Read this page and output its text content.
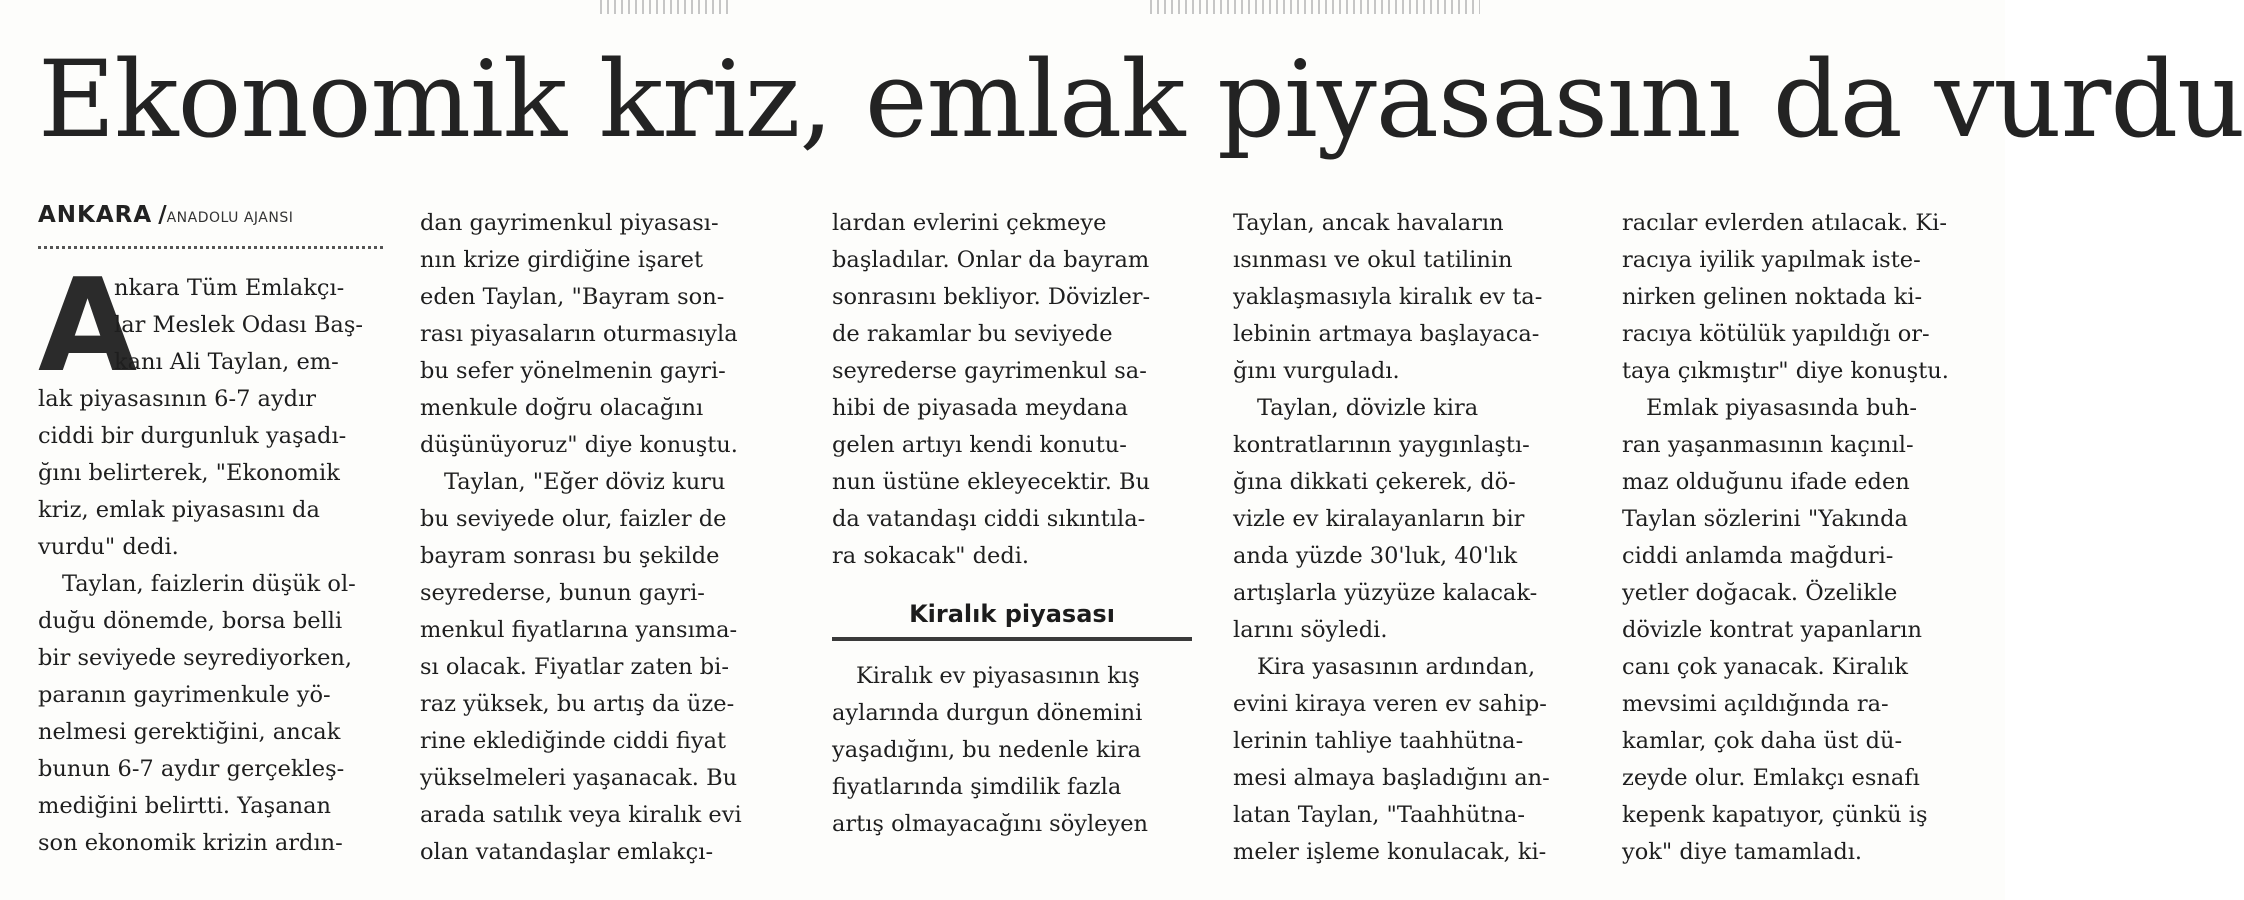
Ekonomik kriz, emlak piyasasını da vurdu
ANKARA /ANADOLU AJANSI
A
nkara Tüm Emlakçı-
lar Meslek Odası Baş-
kanı Ali Taylan, em-
lak piyasasının 6-7 aydır
ciddi bir durgunluk yaşadı-
ğını belirterek, "Ekonomik
kriz, emlak piyasasını da
vurdu" dedi.
Taylan, faizlerin düşük ol-
duğu dönemde, borsa belli
bir seviyede seyrediyorken,
paranın gayrimenkule yö-
nelmesi gerektiğini, ancak
bunun 6-7 aydır gerçekleş-
mediğini belirtti. Yaşanan
son ekonomik krizin ardın-
dan gayrimenkul piyasası-
nın krize girdiğine işaret
eden Taylan, "Bayram son-
rası piyasaların oturmasıyla
bu sefer yönelmenin gayri-
menkule doğru olacağını
düşünüyoruz" diye konuştu.
Taylan, "Eğer döviz kuru
bu seviyede olur, faizler de
bayram sonrası bu şekilde
seyrederse, bunun gayri-
menkul fiyatlarına yansıma-
sı olacak. Fiyatlar zaten bi-
raz yüksek, bu artış da üze-
rine eklediğinde ciddi fiyat
yükselmeleri yaşanacak. Bu
arada satılık veya kiralık evi
olan vatandaşlar emlakçı-
lardan evlerini çekmeye
başladılar. Onlar da bayram
sonrasını bekliyor. Dövizler-
de rakamlar bu seviyede
seyrederse gayrimenkul sa-
hibi de piyasada meydana
gelen artıyı kendi konutu-
nun üstüne ekleyecektir. Bu
da vatandaşı ciddi sıkıntıla-
ra sokacak" dedi.
Kiralık piyasası
Kiralık ev piyasasının kış
aylarında durgun dönemini
yaşadığını, bu nedenle kira
fiyatlarında şimdilik fazla
artış olmayacağını söyleyen
Taylan, ancak havaların
ısınması ve okul tatilinin
yaklaşmasıyla kiralık ev ta-
lebinin artmaya başlayaca-
ğını vurguladı.
Taylan, dövizle kira
kontratlarının yaygınlaştı-
ğına dikkati çekerek, dö-
vizle ev kiralayanların bir
anda yüzde 30'luk, 40'lık
artışlarla yüzyüze kalacak-
larını söyledi.
Kira yasasının ardından,
evini kiraya veren ev sahip-
lerinin tahliye taahhütna-
mesi almaya başladığını an-
latan Taylan, "Taahhütna-
meler işleme konulacak, ki-
racılar evlerden atılacak. Ki-
racıya iyilik yapılmak iste-
nirken gelinen noktada ki-
racıya kötülük yapıldığı or-
taya çıkmıştır" diye konuştu.
Emlak piyasasında buh-
ran yaşanmasının kaçınıl-
maz olduğunu ifade eden
Taylan sözlerini "Yakında
ciddi anlamda mağduri-
yetler doğacak. Özelikle
dövizle kontrat yapanların
canı çok yanacak. Kiralık
mevsimi açıldığında ra-
kamlar, çok daha üst dü-
zeyde olur. Emlakçı esnafı
kepenk kapatıyor, çünkü iş
yok" diye tamamladı.
